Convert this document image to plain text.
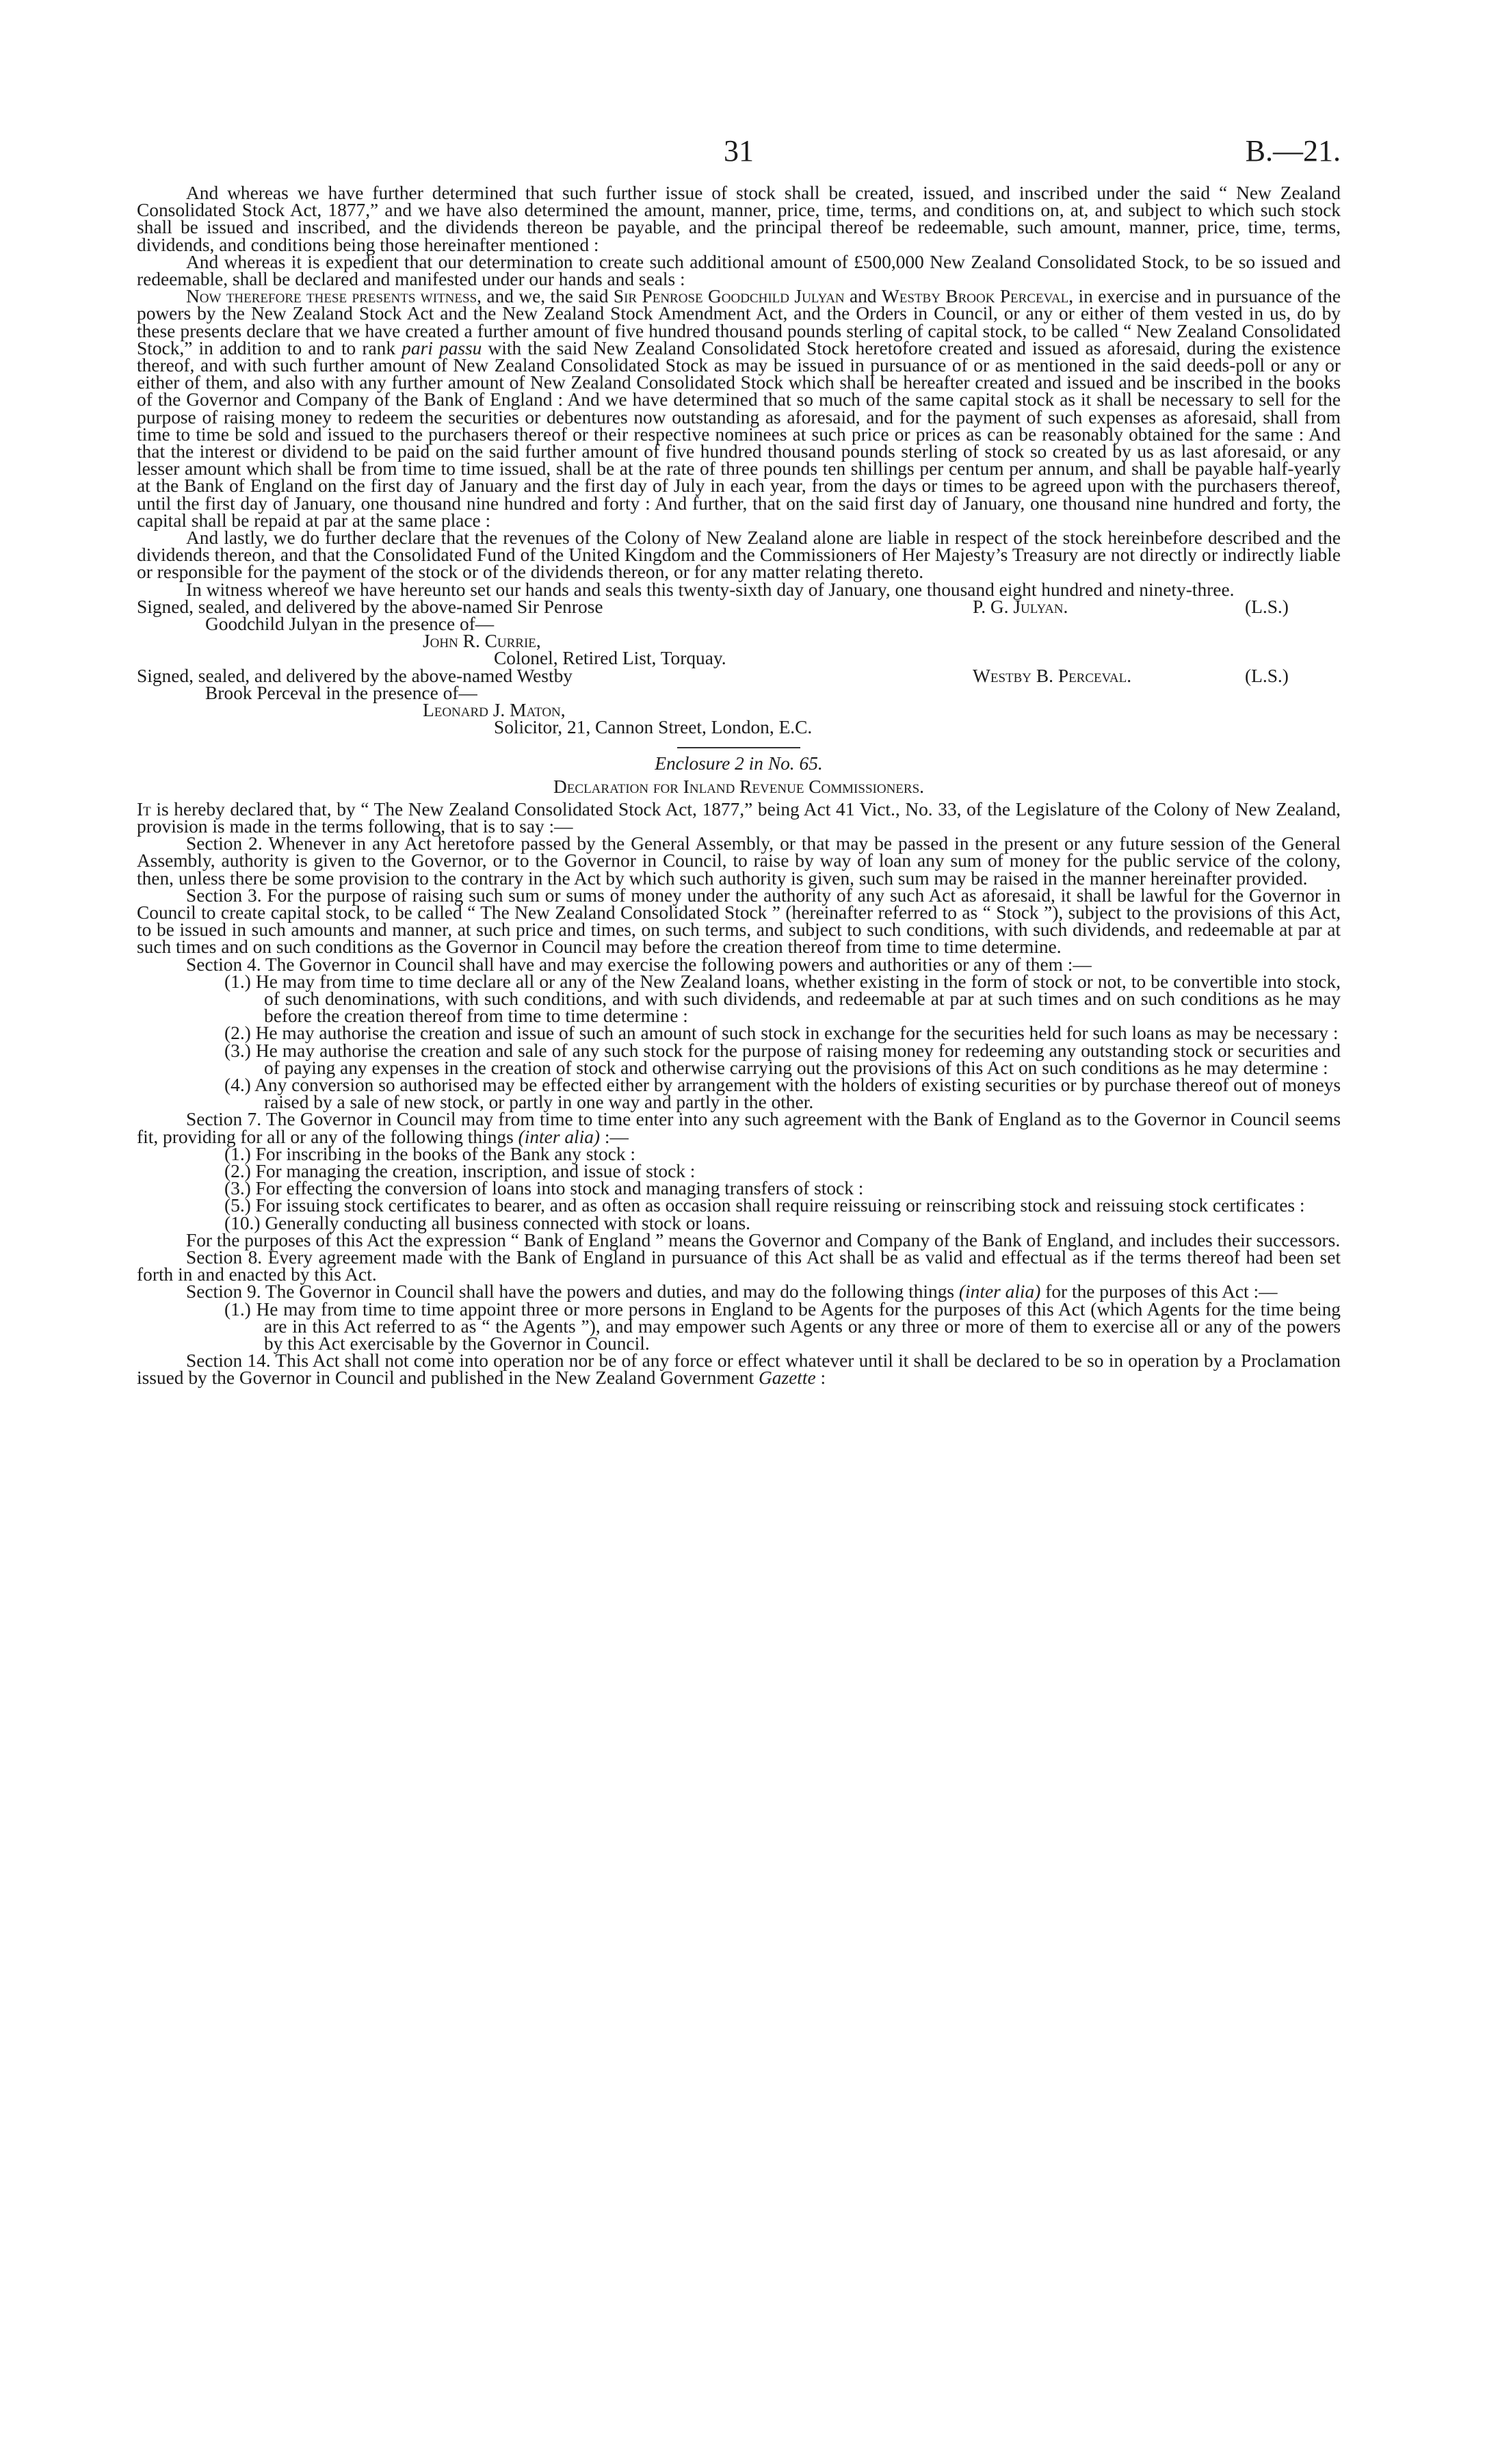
31	B.—21.

And whereas we have further determined that such further issue of stock shall be created, issued, and inscribed under the said “ New Zealand Consolidated Stock Act, 1877,” and we have also determined the amount, manner, price, time, terms, and conditions on, at, and subject to which such stock shall be issued and inscribed, and the dividends thereon be payable, and the principal thereof be redeemable, such amount, manner, price, time, terms, dividends, and conditions being those hereinafter mentioned :

And whereas it is expedient that our determination to create such additional amount of £500,000 New Zealand Consolidated Stock, to be so issued and redeemable, shall be declared and manifested under our hands and seals :

Now therefore these presents witness, and we, the said Sir Penrose Goodchild Julyan and Westby Brook Perceval, in exercise and in pursuance of the powers by the New Zealand Stock Act and the New Zealand Stock Amendment Act, and the Orders in Council, or any or either of them vested in us, do by these presents declare that we have created a further amount of five hundred thousand pounds sterling of capital stock, to be called “ New Zealand Consolidated Stock,” in addition to and to rank pari passu with the said New Zealand Consolidated Stock heretofore created and issued as aforesaid, during the existence thereof, and with such further amount of New Zealand Consolidated Stock as may be issued in pursuance of or as mentioned in the said deeds-poll or any or either of them, and also with any further amount of New Zealand Consolidated Stock which shall be hereafter created and issued and be inscribed in the books of the Governor and Company of the Bank of England : And we have determined that so much of the same capital stock as it shall be necessary to sell for the purpose of raising money to redeem the securities or debentures now outstanding as aforesaid, and for the payment of such expenses as aforesaid, shall from time to time be sold and issued to the purchasers thereof or their respective nominees at such price or prices as can be reasonably obtained for the same : And that the interest or dividend to be paid on the said further amount of five hundred thousand pounds sterling of stock so created by us as last aforesaid, or any lesser amount which shall be from time to time issued, shall be at the rate of three pounds ten shillings per centum per annum, and shall be payable half-yearly at the Bank of England on the first day of January and the first day of July in each year, from the days or times to be agreed upon with the purchasers thereof, until the first day of January, one thousand nine hundred and forty : And further, that on the said first day of January, one thousand nine hundred and forty, the capital shall be repaid at par at the same place :

And lastly, we do further declare that the revenues of the Colony of New Zealand alone are liable in respect of the stock hereinbefore described and the dividends thereon, and that the Consolidated Fund of the United Kingdom and the Commissioners of Her Majesty’s Treasury are not directly or indirectly liable or responsible for the payment of the stock or of the dividends thereon, or for any matter relating thereto.

In witness whereof we have hereunto set our hands and seals this twenty-sixth day of January, one thousand eight hundred and ninety-three.

Signed, sealed, and delivered by the above-named Sir Penrose	P. G. Julyan.	(L.S.)
Goodchild Julyan in the presence of—
John R. Currie,
Colonel, Retired List, Torquay.
Signed, sealed, and delivered by the above-named Westby	Westby B. Perceval.	(L.S.)
Brook Perceval in the presence of—
Leonard J. Maton,
Solicitor, 21, Cannon Street, London, E.C.

Enclosure 2 in No. 65.

Declaration for Inland Revenue Commissioners.

It is hereby declared that, by “ The New Zealand Consolidated Stock Act, 1877,” being Act 41 Vict., No. 33, of the Legislature of the Colony of New Zealand, provision is made in the terms following, that is to say :—

Section 2. Whenever in any Act heretofore passed by the General Assembly, or that may be passed in the present or any future session of the General Assembly, authority is given to the Governor, or to the Governor in Council, to raise by way of loan any sum of money for the public service of the colony, then, unless there be some provision to the contrary in the Act by which such authority is given, such sum may be raised in the manner hereinafter provided.

Section 3. For the purpose of raising such sum or sums of money under the authority of any such Act as aforesaid, it shall be lawful for the Governor in Council to create capital stock, to be called “ The New Zealand Consolidated Stock ” (hereinafter referred to as “ Stock ”), subject to the provisions of this Act, to be issued in such amounts and manner, at such price and times, on such terms, and subject to such conditions, with such dividends, and redeemable at par at such times and on such conditions as the Governor in Council may before the creation thereof from time to time determine.

Section 4. The Governor in Council shall have and may exercise the following powers and authorities or any of them :—

(1.) He may from time to time declare all or any of the New Zealand loans, whether existing in the form of stock or not, to be convertible into stock, of such denominations, with such conditions, and with such dividends, and redeemable at par at such times and on such conditions as he may before the creation thereof from time to time determine :

(2.) He may authorise the creation and issue of such an amount of such stock in exchange for the securities held for such loans as may be necessary :

(3.) He may authorise the creation and sale of any such stock for the purpose of raising money for redeeming any outstanding stock or securities and of paying any expenses in the creation of stock and otherwise carrying out the provisions of this Act on such conditions as he may determine :

(4.) Any conversion so authorised may be effected either by arrangement with the holders of existing securities or by purchase thereof out of moneys raised by a sale of new stock, or partly in one way and partly in the other.

Section 7. The Governor in Council may from time to time enter into any such agreement with the Bank of England as to the Governor in Council seems fit, providing for all or any of the following things (inter alia) :—

(1.) For inscribing in the books of the Bank any stock :

(2.) For managing the creation, inscription, and issue of stock :

(3.) For effecting the conversion of loans into stock and managing transfers of stock :

(5.) For issuing stock certificates to bearer, and as often as occasion shall require reissuing or reinscribing stock and reissuing stock certificates :

(10.) Generally conducting all business connected with stock or loans.

For the purposes of this Act the expression “ Bank of England ” means the Governor and Company of the Bank of England, and includes their successors.

Section 8. Every agreement made with the Bank of England in pursuance of this Act shall be as valid and effectual as if the terms thereof had been set forth in and enacted by this Act.

Section 9. The Governor in Council shall have the powers and duties, and may do the following things (inter alia) for the purposes of this Act :—

(1.) He may from time to time appoint three or more persons in England to be Agents for the purposes of this Act (which Agents for the time being are in this Act referred to as “ the Agents ”), and may empower such Agents or any three or more of them to exercise all or any of the powers by this Act exercisable by the Governor in Council.

Section 14. This Act shall not come into operation nor be of any force or effect whatever until it shall be declared to be so in operation by a Proclamation issued by the Governor in Council and published in the New Zealand Government Gazette :
